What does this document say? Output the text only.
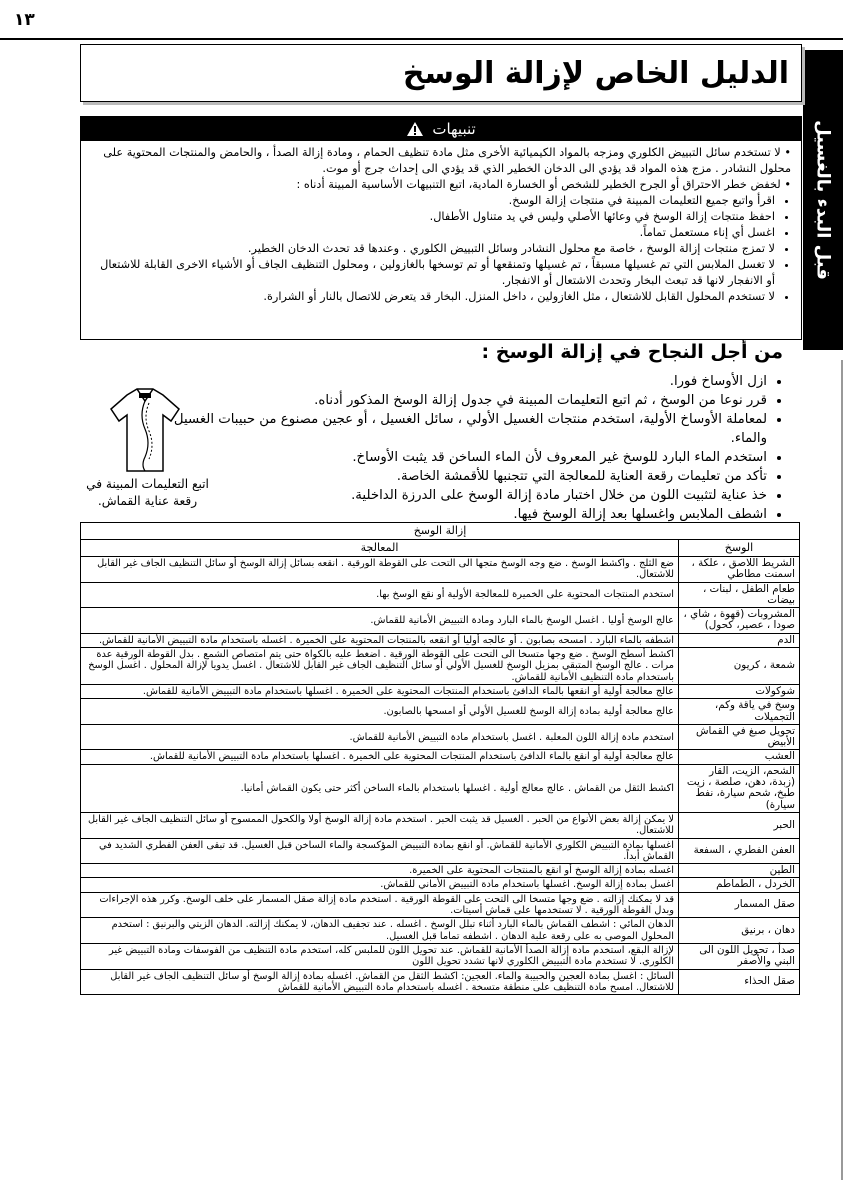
١٣
قبل البدء بالغسيل
الدليل الخاص لإزالة الوسخ
تنبيهات

• لا تستخدم سائل التبييض الكلوري ومزجه بالمواد الكيميائية الأخرى مثل مادة تنظيف الحمام ، ومادة إزالة الصدأ ، والحامض والمنتجات المحتوية على محلول النشادر . مزج هذه المواد قد يؤدي الى الدخان الخطير الذي قد يؤدي الى إحداث جرج أو موت.

• لخفض خطر الاحتراق أو الجرح الخطير للشخص أو الخسارة المادية، اتبع التنبيهات الأساسية المبينة أدناه :

• اقرأ واتبع جميع التعليمات المبينة في منتجات إزالة الوسخ.
• احفظ منتجات إزالة الوسخ في وعائها الأصلي وليس في يد متناول الأطفال.
• اغسل أي إناء مستعمل تماماً.
• لا تمزج منتجات إزالة الوسخ ، خاصة مع محلول النشادر وسائل التبييض الكلوري . وعندها قد تحدث الدخان الخطير.
• لا تغسل الملابس التي تم غسيلها مسبقاً ، تم غسيلها وتمنقعها أو تم توسخها بالغازولين ، ومحلول التنظيف الجاف أو الأشياء الاخرى القابلة للاشتعال أو الانفجار لانها قد تبعث البخار وتحدث الاشتعال أو الانفجار.
• لا تستخدم المحلول القابل للاشتعال ، مثل الغازولين ، داخل المنزل. البخار قد يتعرض للاتصال بالنار أو الشرارة.
من أجل النجاح في إزالة الوسخ :
• ازل الأوساخ فورا.
• قرر نوعا من الوسخ ، ثم اتبع التعليمات المبينة في جدول إزالة الوسخ المذكور أدناه.
• لمعاملة الأوساخ الأولية، استخدم منتجات الغسيل الأولي ، سائل الغسيل ، أو عجين مصنوع من حبيبات الغسيل والماء.
• استخدم الماء البارد للوسخ غير المعروف لأن الماء الساخن قد يثبت الأوساخ.
• تأكد من تعليمات رقعة العناية للمعالجة التي تتجنبها للأقمشة الخاصة.
• خذ عناية لتثبيت اللون من خلال اختبار مادة إزالة الوسخ على الدرزة الداخلية.
• اشطف الملابس واغسلها بعد إزالة الوسخ فيها.
اتبع التعليمات المبينة في رقعة عناية القماش.
إزالة الوسخ	
الوسخ	المعالجة
الشريط اللاصق ، علكة ، اسمنت مطاطي	ضع الثلج . واكشط الوسخ . ضع وجه الوسخ متجها الى التحت على القوطة الورقية . انقعه بسائل إزالة الوسخ أو سائل التنظيف الجاف غير القابل للاشتعال.
طعام الطفل ، لبنات ، بيضات	استخدم المنتجات المحتوية على الخميرة للمعالجة الأولية أو نقع الوسخ بها.
المشروبات (قهوة ، شاي ، صودا ، عصير، كحول)	عالج الوسخ أوليا . اغسل الوسخ بالماء البارد ومادة التبييض الأمانية للقماش.
الدم	اشطفه بالماء البارد . امسحه بصابون . أو عالجه أوليا أو انقعه بالمنتجات المحتوية على الخميرة . اغسله باستخدام مادة التبييض الأمانية للقماش.
شمعة ، كريون	اكشط أسطح الوسخ . ضع وجها متسخا الى التحت على القوطة الورقية . اضغط عليه بالكواة حتى يتم امتصاص الشمع . بدل القوطة الورقية عدة مرات . عالج الوسخ المتبقي بمزيل الوسخ للغسيل الأولي أو سائل التنظيف الجاف غير القابل للاشتعال . اغسل يدويا لإزالة المحلول . اغسل الوسخ باستخدام مادة التنظيف الأمانية للقماش.
شوكولات	عالج معالجة أولية أو انقعها بالماء الدافئ باستخدام المنتجات المحتوية على الخميرة . اغسلها باستخدام مادة التبييض الأمانية للقماش.
وسخ في ياقة وكم، التجميلات	عالج معالجة أولية بمادة إزالة الوسخ للغسيل الأولي أو امسحها بالصابون.
تحويل صبغ في القماش الأبيض	استخدم مادة إزالة اللون المعلبة . اغسل باستخدام مادة التبييض الأمانية للقماش.
العشب	عالج معالجة أولية أو انقع بالماء الدافئ باستخدام المنتجات المحتوية على الخميرة . اغسلها باستخدام مادة التبييض الأمانية للقماش.
الشحم، الزيت، القار (زبدة، دهن، صلصة ، زيت طبخ، شحم سيارة، نفط سيارة)	اكشط الثقل من القماش . عالج معالج أولية . اغسلها باستخدام بالماء الساخن أكثر حتى يكون القماش أمانيا.
الحبر	لا يمكن إزالة بعض الأنواع من الحبر . الغسيل قد يثبت الحبر . استخدم مادة إزالة الوسخ أولا والكحول الممسوح أو سائل التنظيف الجاف غير القابل للاشتعال.
العفن الفطري ، السفعة	اغسلها بمادة التبييض الكلوري الأمانية للقماش. أو انقع بمادة التبييض المؤكسجة والماء الساخن قبل الغسيل. قد تبقى العفن الفطري الشديد في القماش أبداً.
الطين	اغسله بمادة إزالة الوسخ أو انقع بالمنتجات المحتوية على الخميرة.
الخردل ، الطماطم	اغسل بمادة إزالة الوسخ. اغسلها باستخدام مادة التبييض الأماني للقماش.
صقل المسمار	قد لا يمكنك إزالته . ضع وجها متسخا الى التحت على القوطة الورقية . استخدم مادة إزالة صقل المسمار على خلف الوسخ. وكرر هذه الإجراءات وبدل القوطة الورقية . لا تستخدمها على قماش أسيتات.
دهان ، برنيق	الدهان المائي : اشطف القماش بالماء البارد أثناء تبلل الوسخ . اغسله . عند تجفيف الدهان، لا يمكنك إزالته. الدهان الزيتي والبرنيق : استخدم المحلول الموصى به على رقعة علبة الدهان . اشطفه تماما قبل الغسيل.
صدأ ، تحويل اللون الى البني والأصفر	لإزالة البقع، استخدم مادة إزالة الصدأ الأمانية للقماش. عند تحويل اللون للملبس كله، استخدم مادة التنظيف من الفوسفات ومادة التبييض غير الكلوري. لا تستخدم مادة التبييض الكلوري لانها تشدد تحويل اللون
صقل الحذاء	السائل : اغسل بمادة العجين والحبيبة والماء. العجين: اكشط الثقل من القماش. اغسله بمادة إزالة الوسخ أو سائل التنظيف الجاف غير القابل للاشتعال. امسح مادة التنظيف على منطقة متسخة . اغسله باستخدام مادة التبييض الأمانية للقماش
